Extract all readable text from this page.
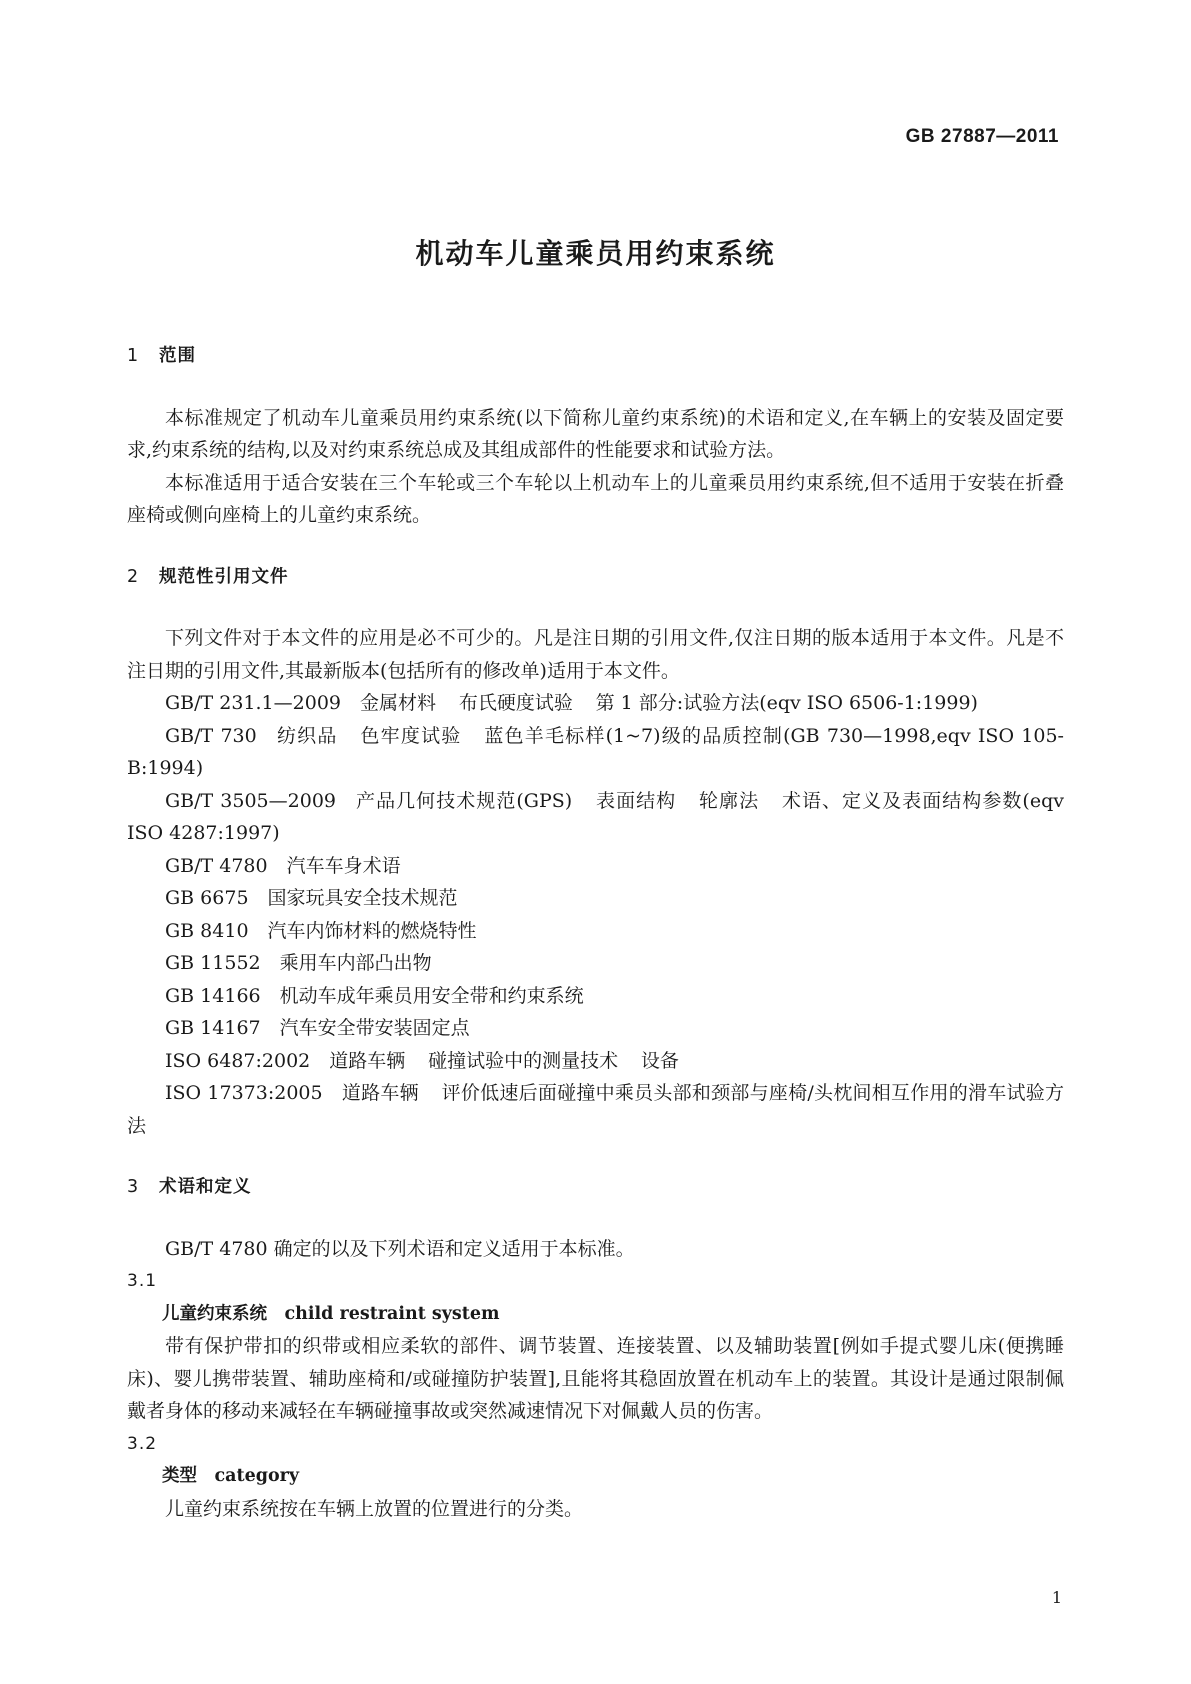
GB 27887—2011
机动车儿童乘员用约束系统
1 范围

本标准规定了机动车儿童乘员用约束系统(以下简称儿童约束系统)的术语和定义,在车辆上的安装及固定要求,约束系统的结构,以及对约束系统总成及其组成部件的性能要求和试验方法。

本标准适用于适合安装在三个车轮或三个车轮以上机动车上的儿童乘员用约束系统,但不适用于安装在折叠座椅或侧向座椅上的儿童约束系统。

2 规范性引用文件

下列文件对于本文件的应用是必不可少的。凡是注日期的引用文件,仅注日期的版本适用于本文件。凡是不注日期的引用文件,其最新版本(包括所有的修改单)适用于本文件。

GB/T 231.1—2009 金属材料 布氏硬度试验 第 1 部分:试验方法(eqv ISO 6506-1:1999)

GB/T 730 纺织品 色牢度试验 蓝色羊毛标样(1~7)级的品质控制(GB 730—1998,eqv ISO 105-B:1994)

GB/T 3505—2009 产品几何技术规范(GPS) 表面结构 轮廓法 术语、定义及表面结构参数(eqv ISO 4287:1997)

GB/T 4780 汽车车身术语

GB 6675 国家玩具安全技术规范

GB 8410 汽车内饰材料的燃烧特性

GB 11552 乘用车内部凸出物

GB 14166 机动车成年乘员用安全带和约束系统

GB 14167 汽车安全带安装固定点

ISO 6487:2002 道路车辆 碰撞试验中的测量技术 设备

ISO 17373:2005 道路车辆 评价低速后面碰撞中乘员头部和颈部与座椅/头枕间相互作用的滑车试验方法

3 术语和定义

GB/T 4780 确定的以及下列术语和定义适用于本标准。

3.1
儿童约束系统 child restraint system

带有保护带扣的织带或相应柔软的部件、调节装置、连接装置、以及辅助装置[例如手提式婴儿床(便携睡床)、婴儿携带装置、辅助座椅和/或碰撞防护装置],且能将其稳固放置在机动车上的装置。其设计是通过限制佩戴者身体的移动来减轻在车辆碰撞事故或突然减速情况下对佩戴人员的伤害。

3.2
类型 category

儿童约束系统按在车辆上放置的位置进行的分类。

1
